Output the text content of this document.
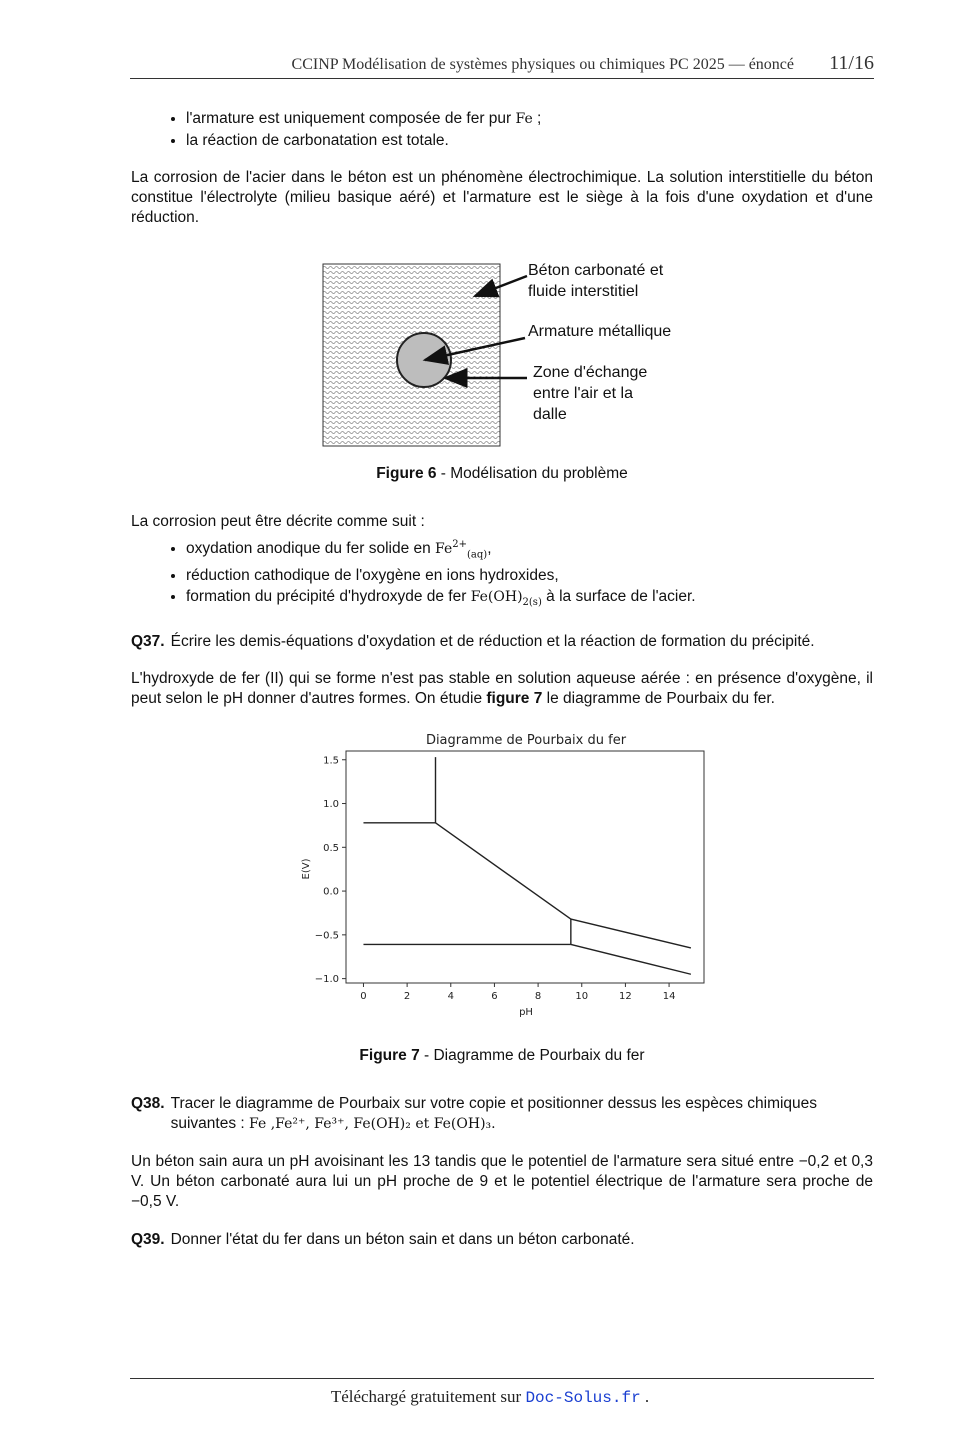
CCINP Modélisation de systèmes physiques ou chimiques PC 2025 — énoncé 11/16
• l'armature est uniquement composée de fer pur Fe ;
• la réaction de carbonatation est totale.

La corrosion de l'acier dans le béton est un phénomène électrochimique. La solution interstitielle du béton constitue l'électrolyte (milieu basique aéré) et l'armature est le siège à la fois d'une oxydation et d'une réduction.

Béton carbonaté et
fluide interstitiel
Armature métallique
Zone d'échange
entre l'air et la
dalle

Figure 6 - Modélisation du problème

La corrosion peut être décrite comme suit :

• oxydation anodique du fer solide en $Fe^{2+}_{(aq)}$,
• réduction cathodique de l'oxygène en ions hydroxides,
• formation du précipité d'hydroxyde de fer $Fe(OH)_{2(s)}$ à la surface de l'acier.
Q37. Écrire les demis-équations d'oxydation et de réduction et la réaction de formation du précipité.

L'hydroxyde de fer (II) qui se forme n'est pas stable en solution aqueuse aérée : en présence d'oxygène, il peut selon le pH donner d'autres formes. On étudie figure 7 le diagramme de Pourbaix du fer.

Diagramme de Pourbaix du fer
0	2	4	6	8	10	12	14
1.5
1.0
0.5
0.0
−0.5
−1.0
pH
E(V)

Figure 7 - Diagramme de Pourbaix du fer

Q38. Tracer le diagramme de Pourbaix sur votre copie et positionner dessus les espèces chimiques suivantes : Fe ,Fe²⁺, Fe³⁺, Fe(OH)₂ et Fe(OH)₃.

Un béton sain aura un pH avoisinant les 13 tandis que le potentiel de l'armature sera situé entre −0,2 et 0,3 V. Un béton carbonaté aura lui un pH proche de 9 et le potentiel électrique de l'armature sera proche de −0,5 V.

Q39. Donner l'état du fer dans un béton sain et dans un béton carbonaté.
Téléchargé gratuitement sur Doc-Solus.fr .
